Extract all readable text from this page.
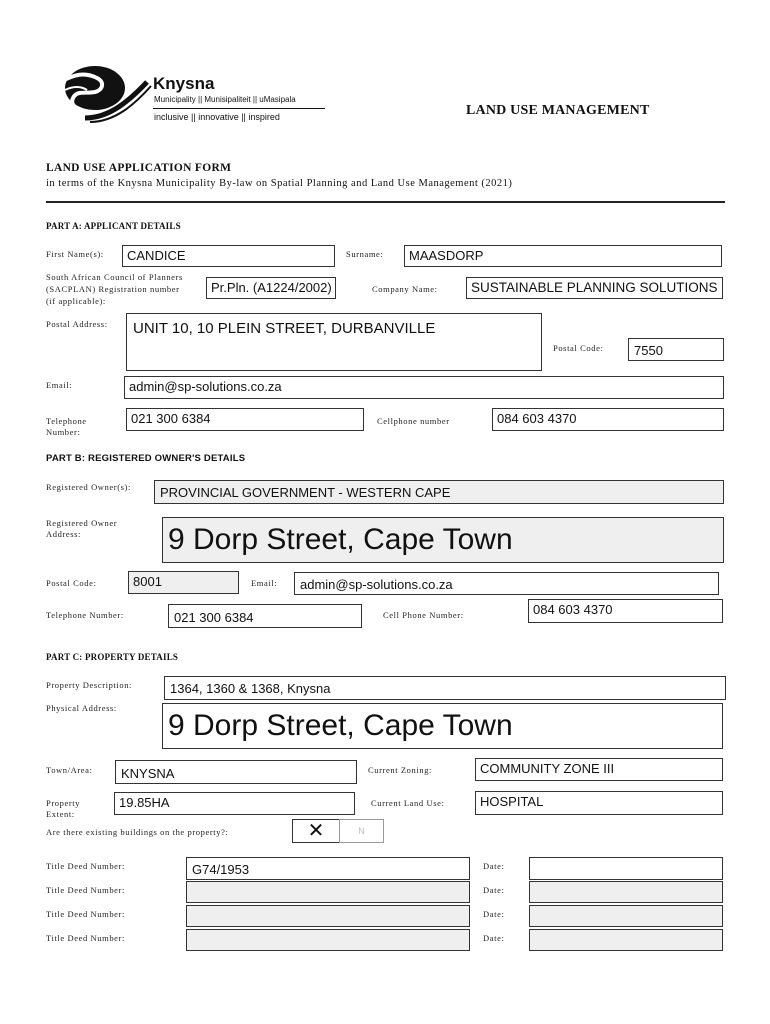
Knysna
Municipality || Munisipaliteit || uMasipala
inclusive || innovative || inspired	LAND USE MANAGEMENT
LAND USE APPLICATION FORM
in terms of the Knysna Municipality By-law on Spatial Planning and Land Use Management (2021)
PART A: APPLICANT DETAILS
First Name(s):	CANDICE	Surname:	MAASDORP
South African Council of Planners
(SACPLAN) Registration number
(if applicable):
Pr.Pln. (A1224/2002)	Company Name:	SUSTAINABLE PLANNING SOLUTIONS
Postal Address:	UNIT 10, 10 PLEIN STREET, DURBANVILLE
Postal Code:	7550
Email:	admin@sp-solutions.co.za
Telephone
Number:
021 300 6384	Cellphone number	084 603 4370
PART B: REGISTERED OWNER'S DETAILS
Registered Owner(s):	PROVINCIAL GOVERNMENT - WESTERN CAPE
Registered Owner
Address:	9 Dorp Street, Cape Town
Postal Code:	8001	Email:	admin@sp-solutions.co.za
Telephone Number:	021 300 6384	Cell Phone Number:	084 603 4370
PART C: PROPERTY DETAILS
Property Description:	1364, 1360 & 1368, Knysna
Physical Address:
9 Dorp Street, Cape Town
Town/Area:	KNYSNA	Current Zoning:	COMMUNITY ZONE III
Property
Extent:
19.85HA	Current Land Use:	HOSPITAL
Are there existing buildings on the property?:	✕	N
Title Deed Number:	G74/1953	Date:
Title Deed Number:	Date:
Title Deed Number:	Date:
Title Deed Number:	Date:
